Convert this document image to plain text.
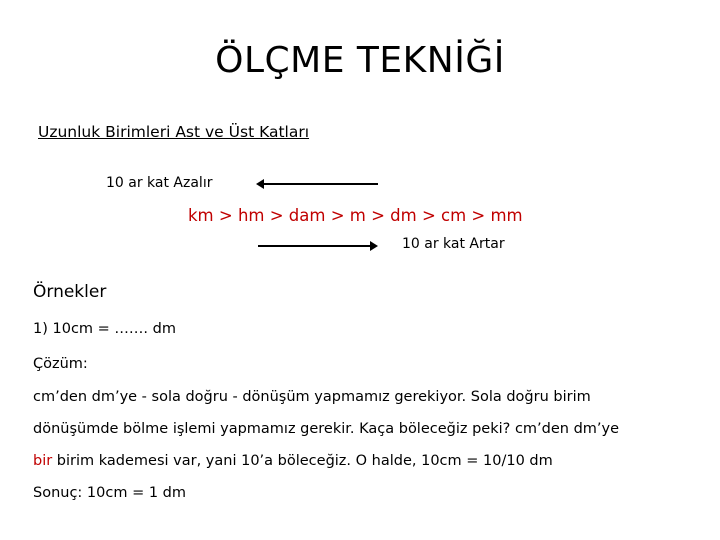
ÖLÇME TEKNİĞİ
Uzunluk Birimleri Ast ve Üst Katları
10 ar kat Azalır
km > hm > dam > m > dm > cm > mm
10 ar kat Artar
Örnekler
1) 10cm = ……. dm
Çözüm:
cm’den dm’ye - sola doğru - dönüşüm yapmamız gerekiyor. Sola doğru birim
dönüşümde bölme işlemi yapmamız gerekir. Kaça böleceğiz peki? cm’den dm’ye
bir birim kademesi var, yani 10’a böleceğiz. O halde, 10cm = 10/10 dm
Sonuç: 10cm = 1 dm
